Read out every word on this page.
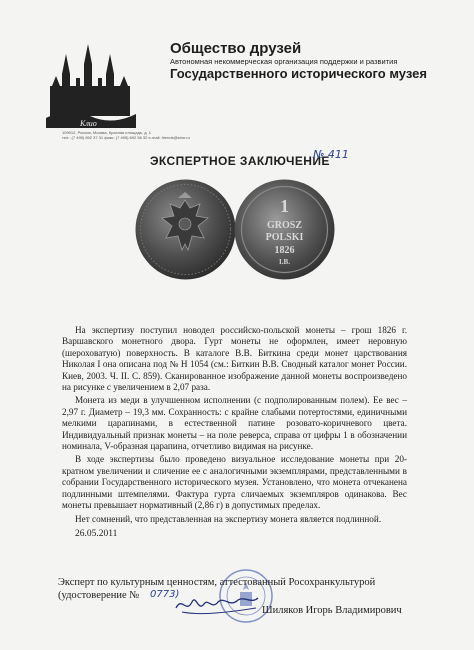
Клио
Общество друзей
Автономная некоммерческая организация поддержки и развития
Государственного исторического музея
109012, Россия, Москва, Красная площадь, д. 1
тел.: (7 495) 692 37 31 факс: (7 495) 692 56 32 e-mail: friends@shm.ru
ЭКСПЕРТНОЕ ЗАКЛЮЧЕНИЕ
№ 411
1
GROSZ
POLSKI
1826
I.B.

На экспертизу поступил новодел российско-польской монеты – грош 1826 г. Варшавского монетного двора. Гурт монеты не оформлен, имеет неровную (шероховатую) поверхность. В каталоге В.В. Биткина среди монет царствования Николая I она описана под № Н 1054 (см.: Биткин В.В. Сводный каталог монет России. Киев, 2003. Ч. II. С. 859). Сканированное изображение данной монеты воспроизведено на рисунке с увеличением в 2,07 раза.

Монета из меди в улучшенном исполнении (с подполированным полем). Ее вес – 2,97 г. Диаметр – 19,3 мм. Сохранность: с крайне слабыми потертостями, единичными мелкими царапинами, в естественной патине розовато-коричневого цвета. Индивидуальный признак монеты – на поле реверса, справа от цифры 1 в обозначении номинала, V-образная царапина, отчетливо видимая на рисунке.

В ходе экспертизы было проведено визуальное исследование монеты при 20-кратном увеличении и сличение ее с аналогичными экземплярами, представленными в собрании Государственного исторического музея. Установлено, что монета отчеканена подлинными штемпелями. Фактура гурта сличаемых экземпляров одинакова. Вес монеты превышает нормативный (2,86 г) в допустимых пределах.

Нет сомнений, что представленная на экспертизу монета является подлинной.

26.05.2011
Эксперт по культурным ценностям, аттестованный Росохранкультурой
(удостоверение №	0773)
Шиляков Игорь Владимирович
